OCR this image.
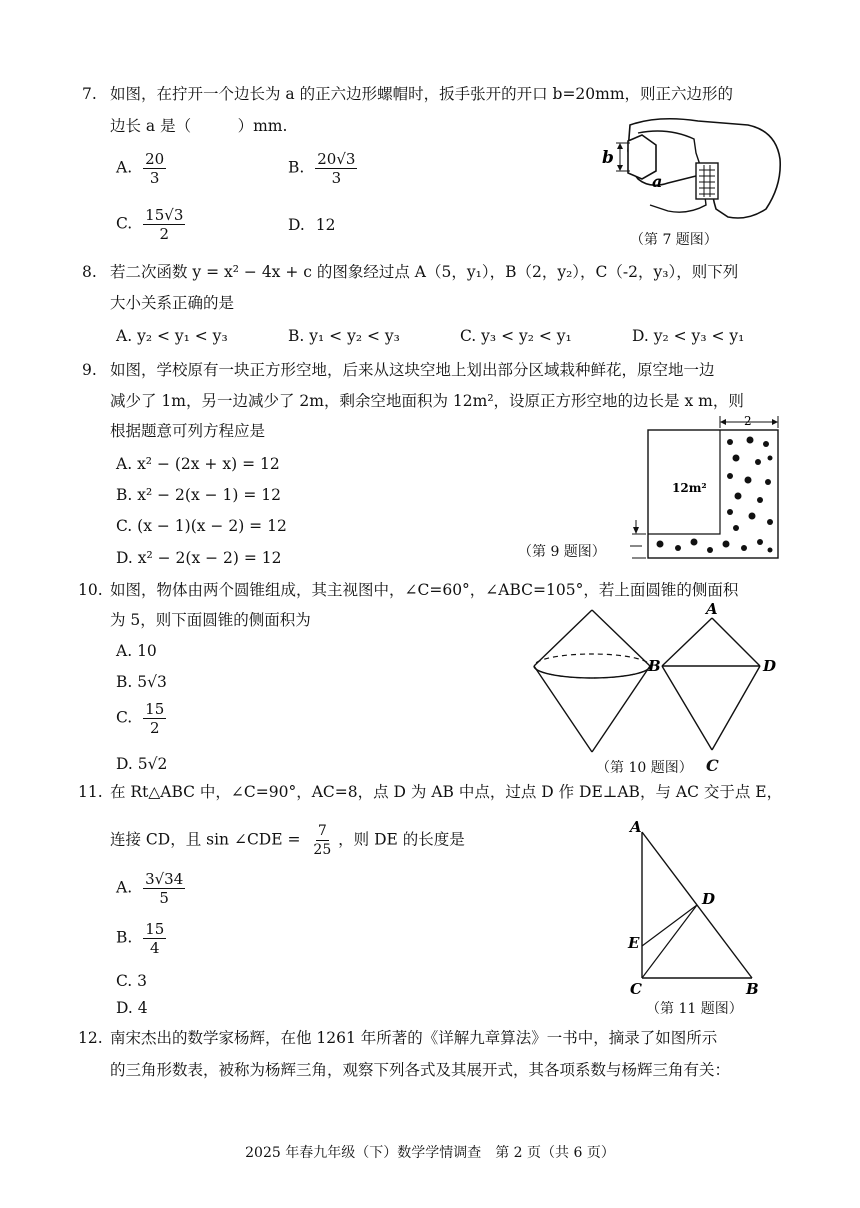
7. 如图，在拧开一个边长为 a 的正六边形螺帽时，扳手张开的开口 b=20mm，则正六边形的
边长 a 是（　　　）mm.
A. $\frac{20}{3}$	B. $\frac{20√3}{3}$
C. $\frac{15√3}{2}$	D. 12
b
a
（第 7 题图）
8. 若二次函数 y = x² − 4x + c 的图象经过点 A（5，y₁），B（2，y₂），C（-2，y₃），则下列
大小关系正确的是
A. y₂ < y₁ < y₃	B. y₁ < y₂ < y₃	C. y₃ < y₂ < y₁	D. y₂ < y₃ < y₁
9. 如图，学校原有一块正方形空地，后来从这块空地上划出部分区域栽种鲜花，原空地一边
减少了 1m，另一边减少了 2m，剩余空地面积为 12m²，设原正方形空地的边长是 x m，则
根据题意可列方程应是
A. x² − (2x + x) = 12
B. x² − 2(x − 1) = 12
C. (x − 1)(x − 2) = 12
D. x² − 2(x − 2) = 12	（第 9 题图）
2
12m²
10. 如图，物体由两个圆锥组成，其主视图中，∠C=60°，∠ABC=105°，若上面圆锥的侧面积
为 5，则下面圆锥的侧面积为
A. 10
B. 5√3
C. $\frac{15}{2}$
D. 5√2
A
B	D
（第 10 题图） C
11. 在 Rt△ABC 中，∠C=90°，AC=8，点 D 为 AB 中点，过点 D 作 DE⊥AB，与 AC 交于点 E，
连接 CD，且 sin ∠CDE = $\frac{7}{25}$ ，则 DE 的长度是
A. $\frac{3√34}{5}$
B. $\frac{15}{4}$
C. 3
D. 4
A
D
E
C	B
（第 11 题图）
12. 南宋杰出的数学家杨辉，在他 1261 年所著的《详解九章算法》一书中，摘录了如图所示
的三角形数表，被称为杨辉三角，观察下列各式及其展开式，其各项系数与杨辉三角有关：
2025 年春九年级（下）数学学情调查　第 2 页（共 6 页）
